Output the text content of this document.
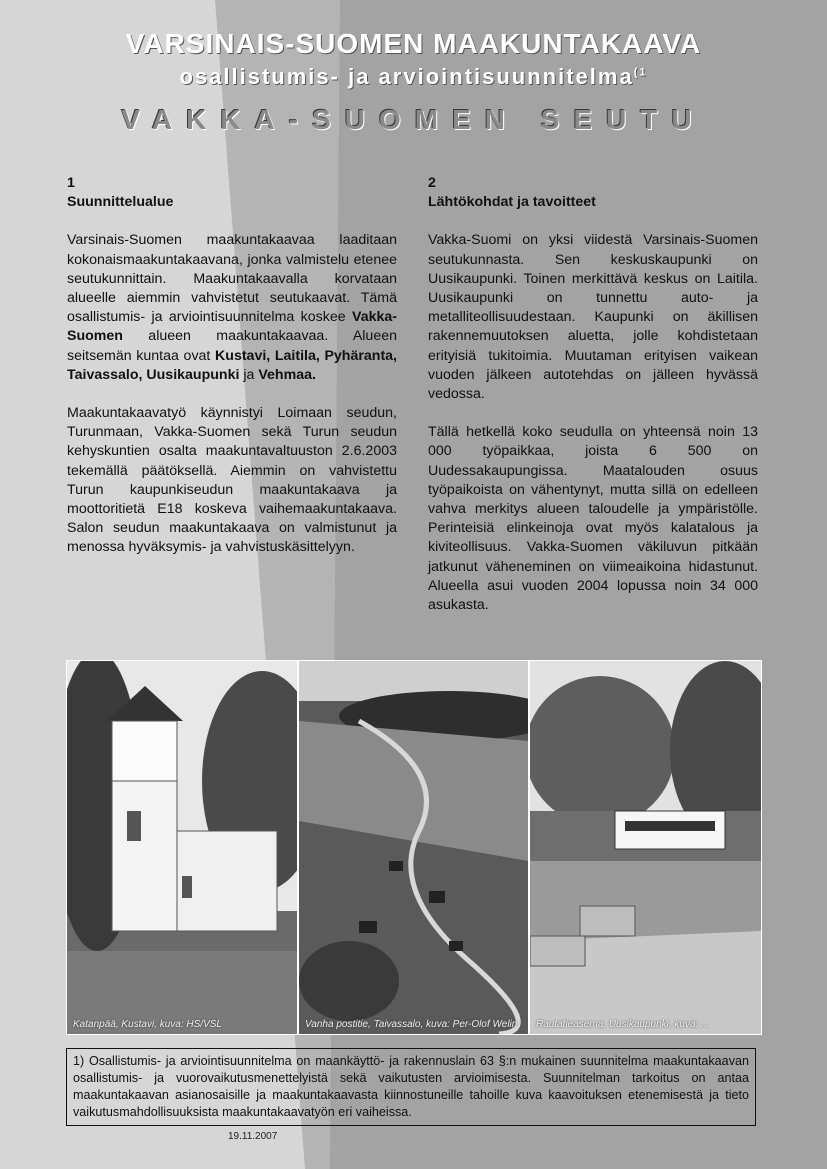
VARSINAIS-SUOMEN MAAKUNTAKAAVA
osallistumis- ja arviointisuunnitelma$^{(1}$
VAKKA-SUOMEN SEUTU
1
Suunnittelualue

Varsinais-Suomen maakuntakaavaa laaditaan kokonaismaakuntakaavana, jonka valmistelu etenee seutukunnittain. Maakuntakaavalla korvataan alueelle aiemmin vahvistetut seutukaavat. Tämä osallistumis- ja arviointisuunnitelma koskee Vakka-Suomen alueen maakuntakaavaa. Alueen seitsemän kuntaa ovat Kustavi, Laitila, Pyhäranta, Taivassalo, Uusikaupunki ja Vehmaa.

Maakuntakaavatyö käynnistyi Loimaan seudun, Turunmaan, Vakka-Suomen sekä Turun seudun kehyskuntien osalta maakuntavaltuuston 2.6.2003 tekemällä päätöksellä. Aiemmin on vahvistettu Turun kaupunkiseudun maakuntakaava ja moottoritietä E18 koskeva vaihemaakuntakaava. Salon seudun maakuntakaava on valmistunut ja menossa hyväksymis- ja vahvistuskäsittelyyn.

2
Lähtökohdat ja tavoitteet

Vakka-Suomi on yksi viidestä Varsinais-Suomen seutukunnasta. Sen keskuskaupunki on Uusikaupunki. Toinen merkittävä keskus on Laitila. Uusikaupunki on tunnettu auto- ja metalliteollisuudestaan. Kaupunki on äkillisen rakennemuutoksen aluetta, jolle kohdistetaan erityisiä tukitoimia. Muutaman erityisen vaikean vuoden jälkeen autotehdas on jälleen hyvässä vedossa.

Tällä hetkellä koko seudulla on yhteensä noin 13 000 työpaikkaa, joista 6 500 on Uudessakaupungissa. Maatalouden osuus työpaikoista on vähentynyt, mutta sillä on edelleen vahva merkitys alueen taloudelle ja ympäristölle. Perinteisiä elinkeinoja ovat myös kalatalous ja kiviteollisuus. Vakka-Suomen väkiluvun pitkään jatkunut väheneminen on viimeaikoina hidastunut. Alueella asui vuoden 2004 lopussa noin 34 000 asukasta.

Katanpää, Kustavi, kuva: HS/VSL	Vanha postitie, Taivassalo, kuva: Per-Olof Welin Rautatieasema, Uusikaupunki, kuva: ...
1) Osallistumis- ja arviointisuunnitelma on maankäyttö- ja rakennuslain 63 §:n mukainen suunnitelma maakuntakaavan osallistumis- ja vuorovaikutusmenettelyistä sekä vaikutusten arvioimisesta. Suunnitelman tarkoitus on antaa maakuntakaavan asianosaisille ja maakuntakaavasta kiinnostuneille tahoille kuva kaavoituksen etenemisestä ja tieto vaikutusmahdollisuuksista maakuntakaavatyön eri vaiheissa.
19.11.2007
